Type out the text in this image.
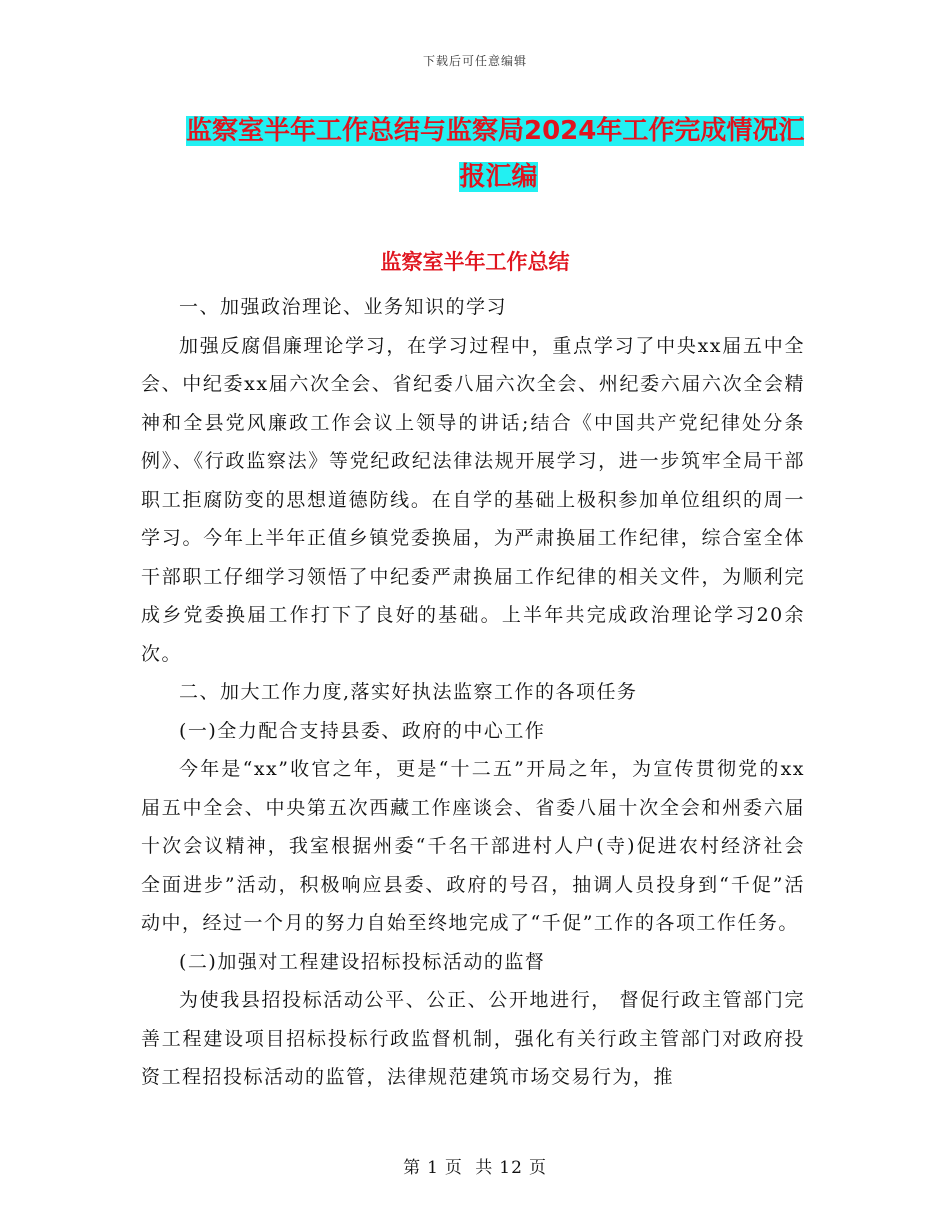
下载后可任意编辑
监察室半年工作总结与监察局2024年工作完成情况汇
报汇编
监察室半年工作总结

一、加强政治理论、业务知识的学习

加强反腐倡廉理论学习，在学习过程中，重点学习了中央xx届五中全会、中纪委xx届六次全会、省纪委八届六次全会、州纪委六届六次全会精神和全县党风廉政工作会议上领导的讲话;结合《中国共产党纪律处分条例》、《行政监察法》等党纪政纪法律法规开展学习，进一步筑牢全局干部职工拒腐防变的思想道德防线。在自学的基础上极积参加单位组织的周一学习。今年上半年正值乡镇党委换届，为严肃换届工作纪律，综合室全体干部职工仔细学习领悟了中纪委严肃换届工作纪律的相关文件，为顺利完成乡党委换届工作打下了良好的基础。上半年共完成政治理论学习20余次。

二、加大工作力度,落实好执法监察工作的各项任务

(一)全力配合支持县委、政府的中心工作

今年是“xx”收官之年，更是“十二五”开局之年，为宣传贯彻党的xx届五中全会、中央第五次西藏工作座谈会、省委八届十次全会和州委六届十次会议精神，我室根据州委“千名干部进村人户(寺)促进农村经济社会全面进步”活动，积极响应县委、政府的号召，抽调人员投身到“千促”活动中，经过一个月的努力自始至终地完成了“千促”工作的各项工作任务。

(二)加强对工程建设招标投标活动的监督

为使我县招投标活动公平、公正、公开地进行， 督促行政主管部门完善工程建设项目招标投标行政监督机制，强化有关行政主管部门对政府投资工程招投标活动的监管，法律规范建筑市场交易行为，推

第 1 页 共 12 页
